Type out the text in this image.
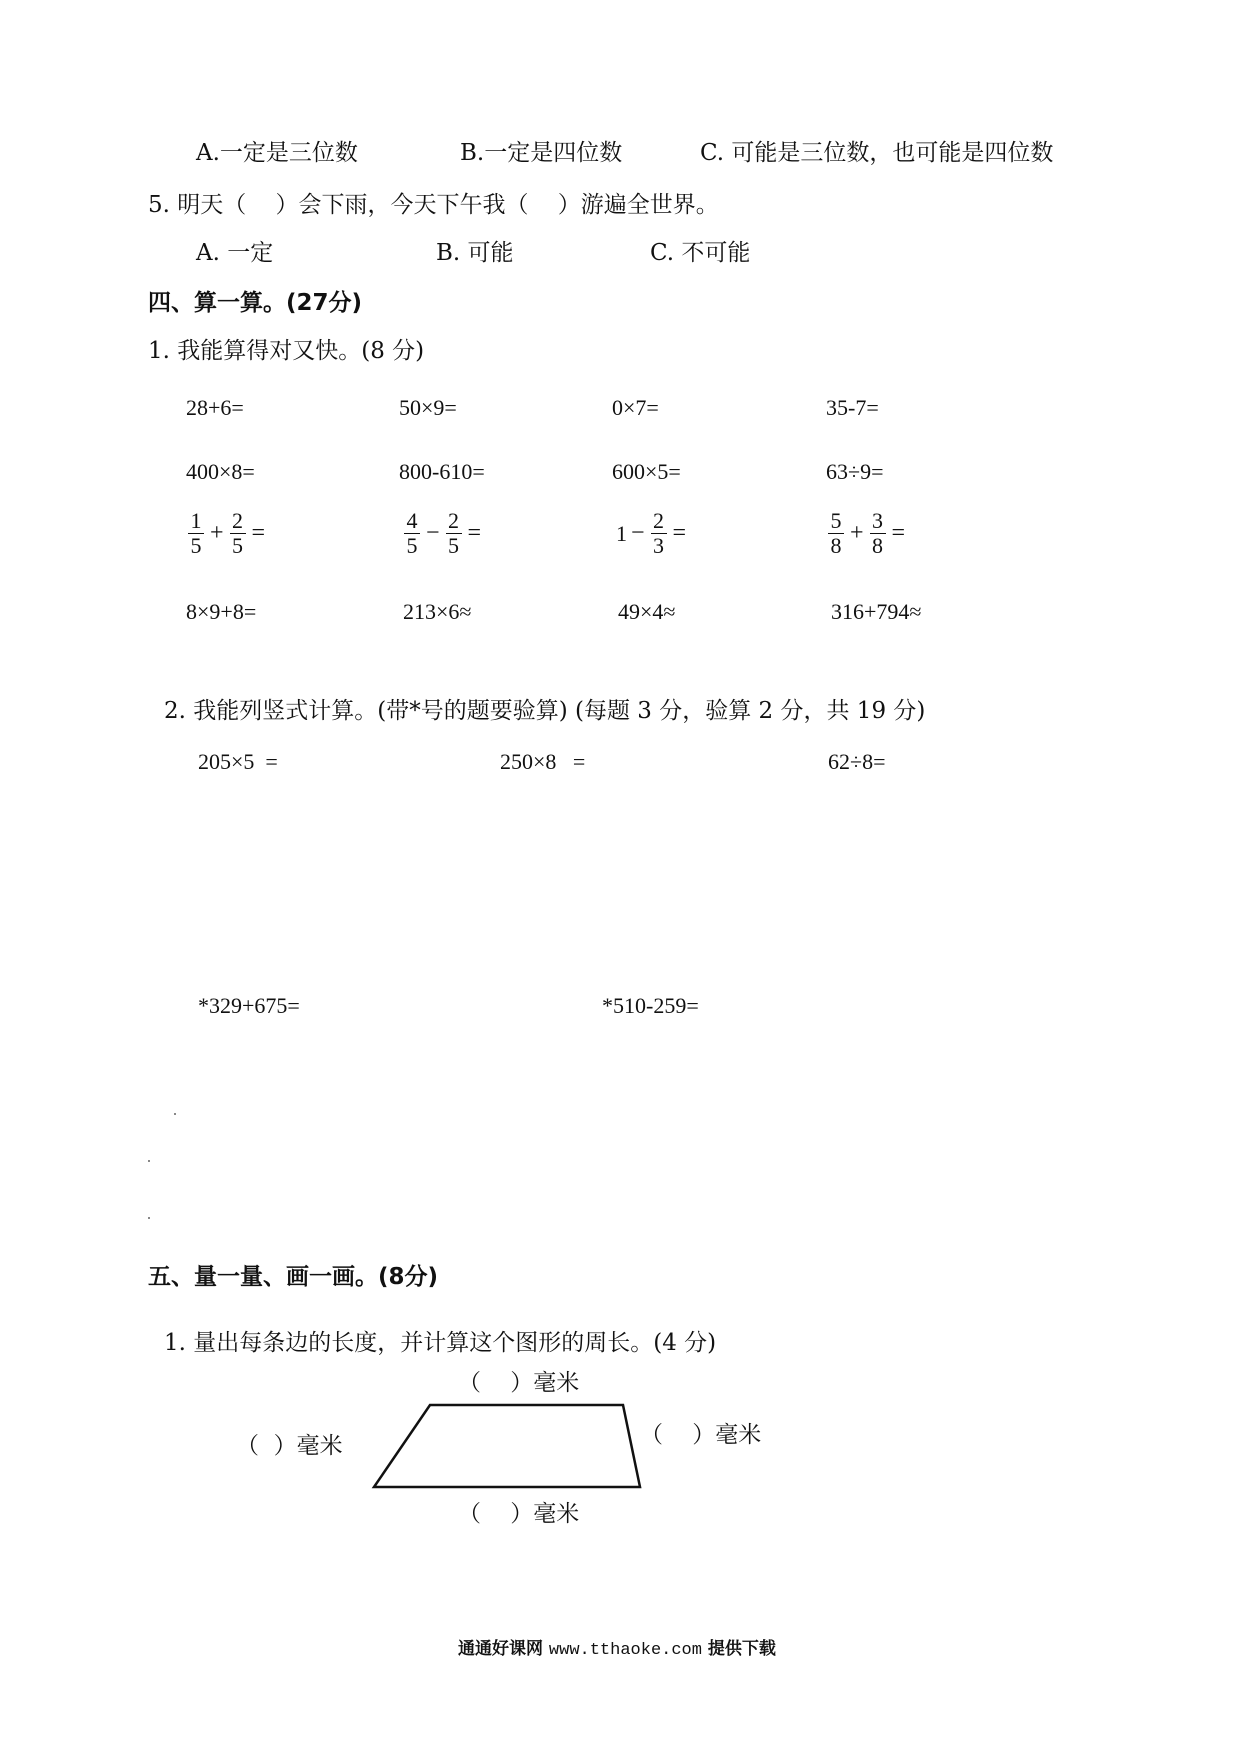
A.一定是三位数	B.一定是四位数	C. 可能是三位数，也可能是四位数
5. 明天（    ）会下雨，今天下午我（    ）游遍全世界。
A. 一定	B. 可能	C. 不可能
四、算一算。(27分)
1. 我能算得对又快。(8 分)
28+6=	50×9=	0×7=	35-7=
400×8=	800-610=	600×5=	63÷9=
$\frac{1}{5} + \frac{2}{5}$ =	$\frac{4}{5} - \frac{2}{5}$ =	$1 - \frac{2}{3}$ =	$\frac{5}{8} + \frac{3}{8}$ =
8×9+8=	213×6≈	49×4≈	316+794≈
2. 我能列竖式计算。(带*号的题要验算) (每题 3 分，验算 2 分，共 19 分)
205×5  =	250×8   =	62÷8=
*329+675=	*510-259=
五、量一量、画一画。(8分)
1. 量出每条边的长度，并计算这个图形的周长。(4 分)
（    ）毫米
（  ）毫米	（    ）毫米
（    ）毫米
通通好课网 www.tthaoke.com 提供下载
